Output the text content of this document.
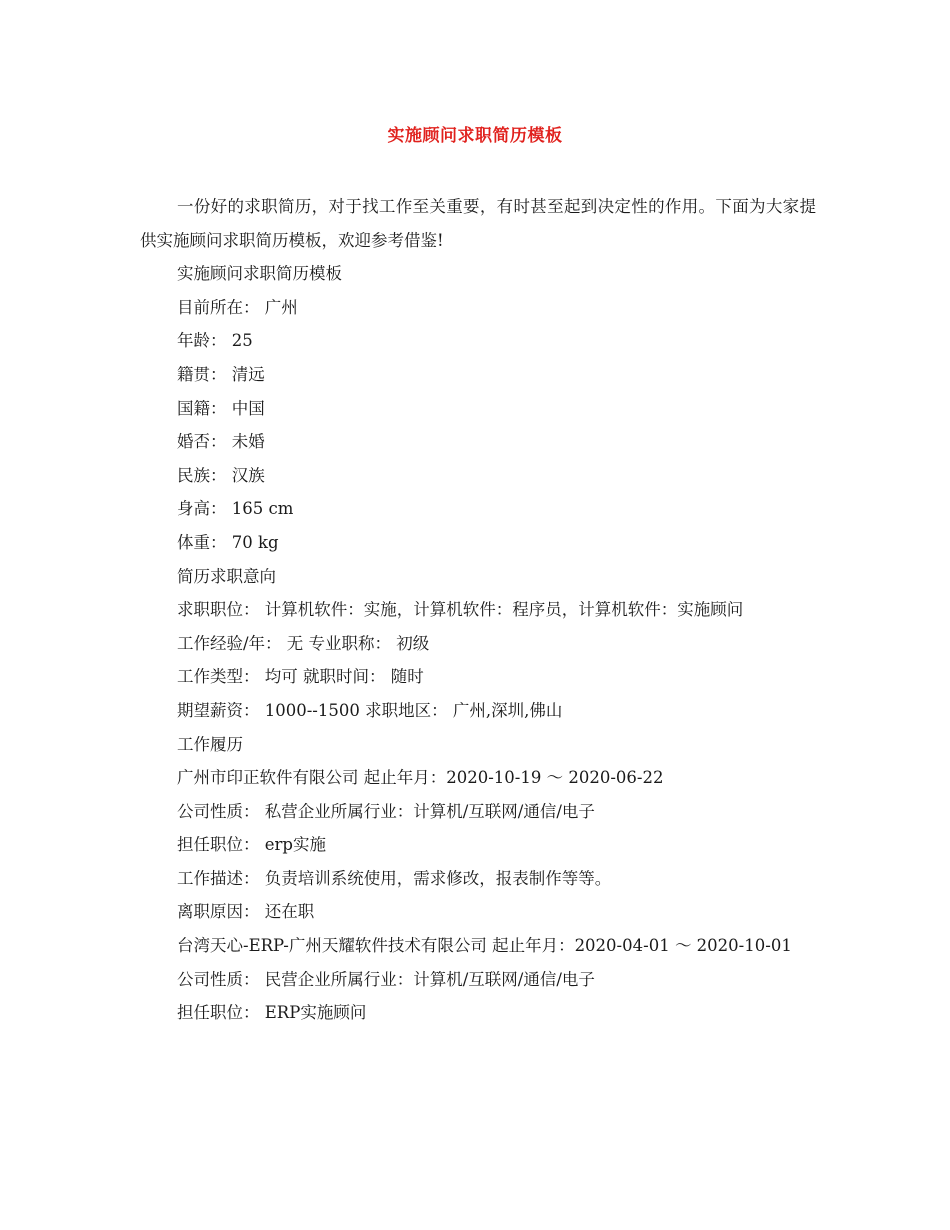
实施顾问求职简历模板

一份好的求职简历，对于找工作至关重要，有时甚至起到决定性的作用。下面为大家提供实施顾问求职简历模板，欢迎参考借鉴!

实施顾问求职简历模板

目前所在： 广州

年龄： 25

籍贯： 清远

国籍： 中国

婚否： 未婚

民族： 汉族

身高： 165 cm

体重： 70 kg

简历求职意向

求职职位： 计算机软件：实施，计算机软件：程序员，计算机软件：实施顾问

工作经验/年： 无 专业职称： 初级

工作类型： 均可 就职时间： 随时

期望薪资： 1000--1500 求职地区： 广州,深圳,佛山

工作履历

广州市印正软件有限公司 起止年月：2020-10-19 ～ 2020-06-22

公司性质： 私营企业所属行业：计算机/互联网/通信/电子

担任职位： erp实施

工作描述： 负责培训系统使用，需求修改，报表制作等等。

离职原因： 还在职

台湾天心-ERP-广州天耀软件技术有限公司 起止年月：2020-04-01 ～ 2020-10-01

公司性质： 民营企业所属行业：计算机/互联网/通信/电子

担任职位： ERP实施顾问
